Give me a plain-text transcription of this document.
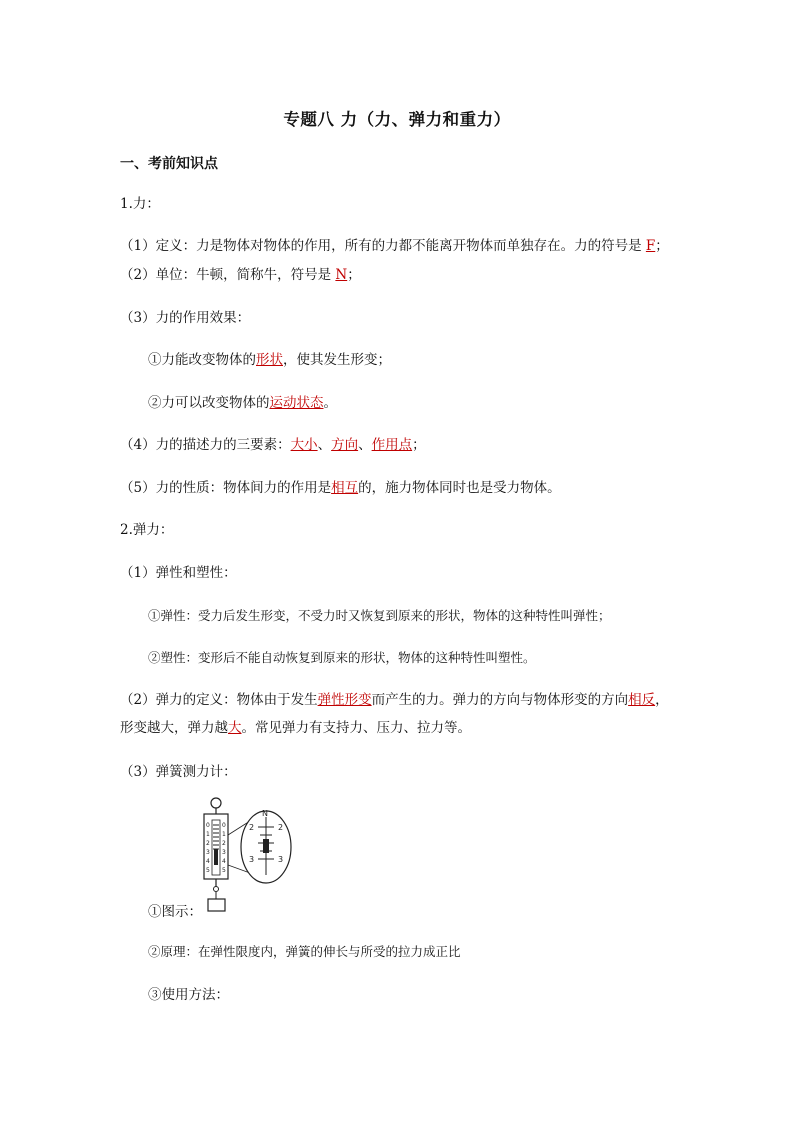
专题八 力（力、弹力和重力）
一、考前知识点
1.力：
（1）定义：力是物体对物体的作用，所有的力都不能离开物体而单独存在。力的符号是 F；
（2）单位：牛顿，简称牛，符号是 N；
（3）力的作用效果：
①力能改变物体的形状，使其发生形变；
②力可以改变物体的运动状态。
（4）力的描述力的三要素：大小、方向、作用点；
（5）力的性质：物体间力的作用是相互的，施力物体同时也是受力物体。
2.弹力：
（1）弹性和塑性：
①弹性：受力后发生形变，不受力时又恢复到原来的形状，物体的这种特性叫弹性；
②塑性：变形后不能自动恢复到原来的形状，物体的这种特性叫塑性。
（2）弹力的定义：物体由于发生弹性形变而产生的力。弹力的方向与物体形变的方向相反，
形变越大，弹力越大。常见弹力有支持力、压力、拉力等。
（3）弹簧测力计：
0
1
2
3
4
5
0
1
2
3
4
5
N
2	2
3	3
①图示：
②原理：在弹性限度内，弹簧的伸长与所受的拉力成正比
③使用方法：
